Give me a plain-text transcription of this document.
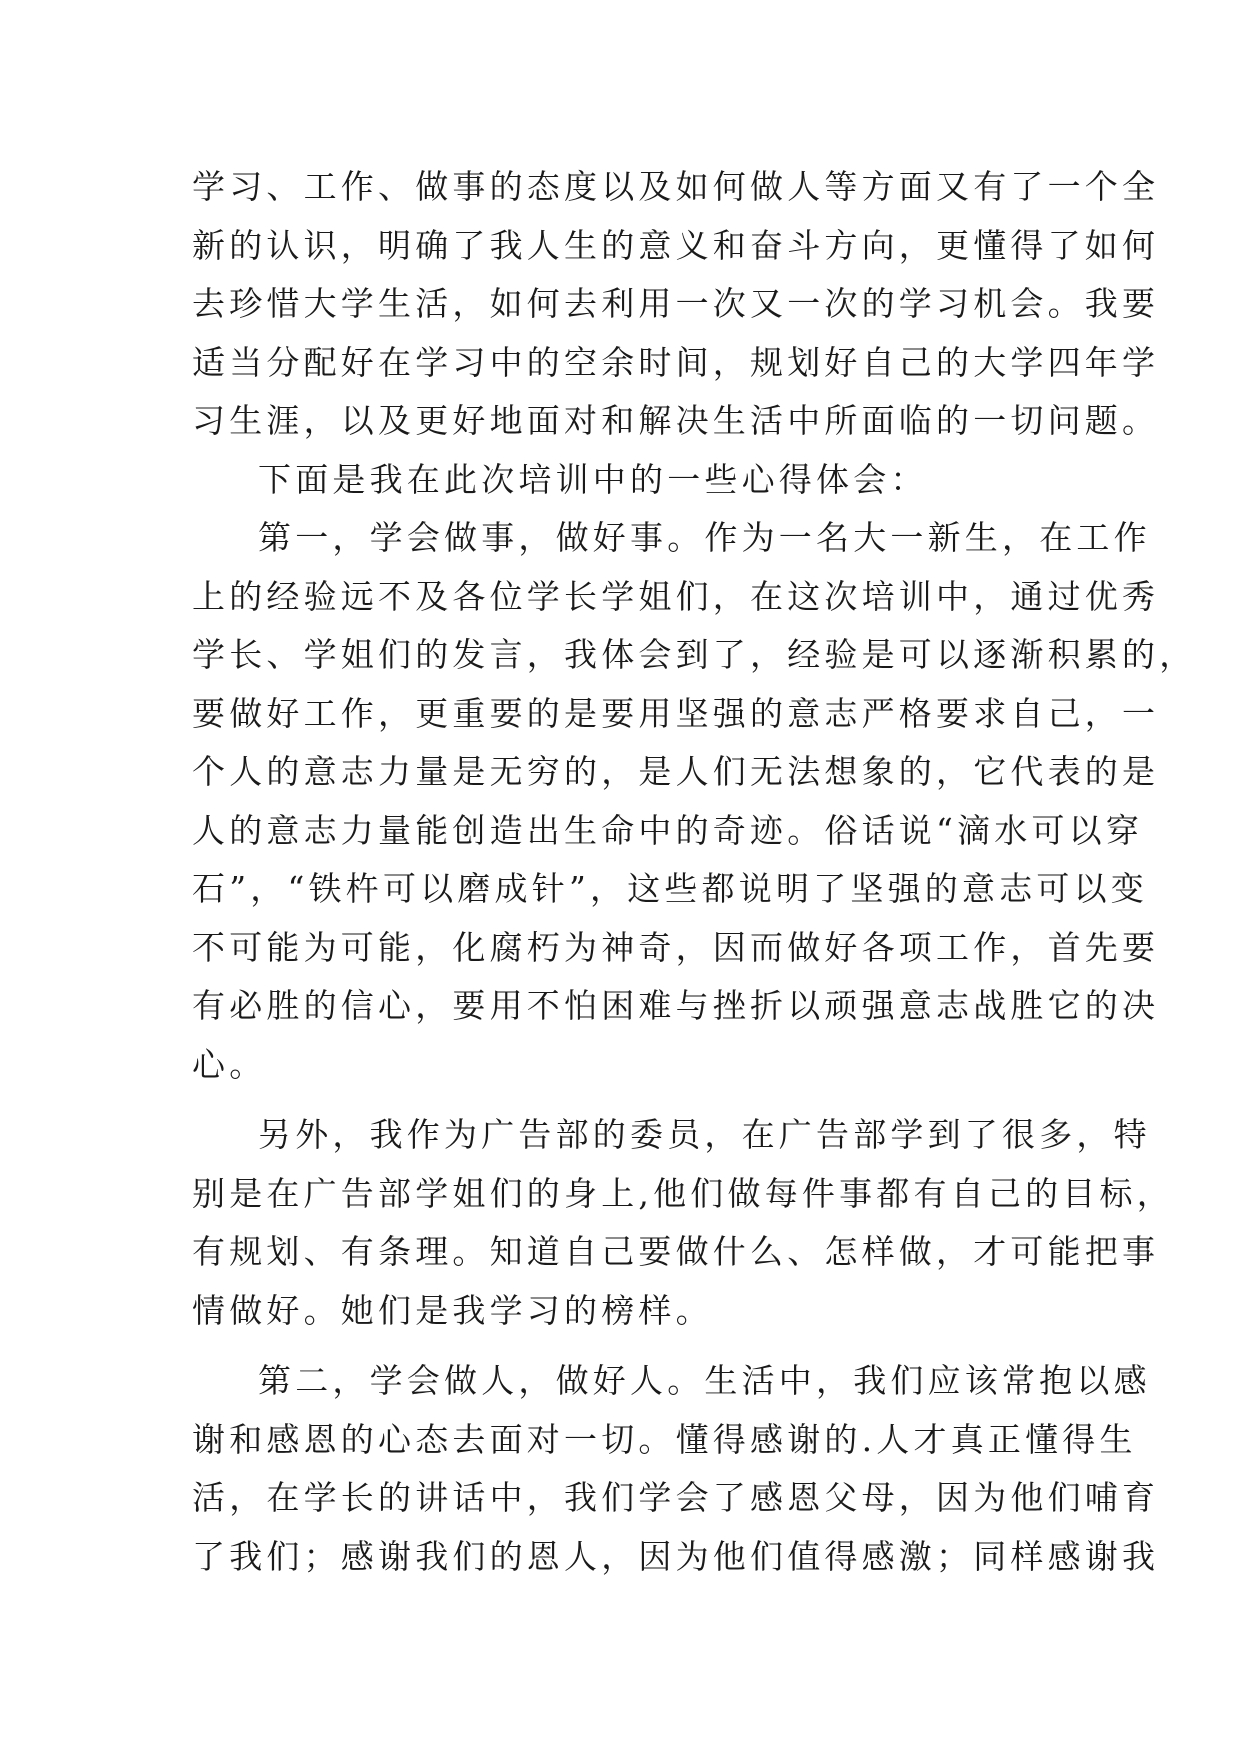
学习、工作、做事的态度以及如何做人等方面又有了一个全
新的认识，明确了我人生的意义和奋斗方向，更懂得了如何
去珍惜大学生活，如何去利用一次又一次的学习机会。我要
适当分配好在学习中的空余时间，规划好自己的大学四年学
习生涯，以及更好地面对和解决生活中所面临的一切问题。
下面是我在此次培训中的一些心得体会：
第一，学会做事，做好事。作为一名大一新生，在工作
上的经验远不及各位学长学姐们，在这次培训中，通过优秀
学长、学姐们的发言，我体会到了，经验是可以逐渐积累的，
要做好工作，更重要的是要用坚强的意志严格要求自己，一
个人的意志力量是无穷的，是人们无法想象的，它代表的是
人的意志力量能创造出生命中的奇迹。俗话说“滴水可以穿
石”，“铁杵可以磨成针”，这些都说明了坚强的意志可以变
不可能为可能，化腐朽为神奇，因而做好各项工作，首先要
有必胜的信心，要用不怕困难与挫折以顽强意志战胜它的决
心。
另外，我作为广告部的委员，在广告部学到了很多，特
别是在广告部学姐们的身上,他们做每件事都有自己的目标，
有规划、有条理。知道自己要做什么、怎样做，才可能把事
情做好。她们是我学习的榜样。
第二，学会做人，做好人。生活中，我们应该常抱以感
谢和感恩的心态去面对一切。懂得感谢的.人才真正懂得生
活，在学长的讲话中，我们学会了感恩父母，因为他们哺育
了我们；感谢我们的恩人，因为他们值得感激；同样感谢我
